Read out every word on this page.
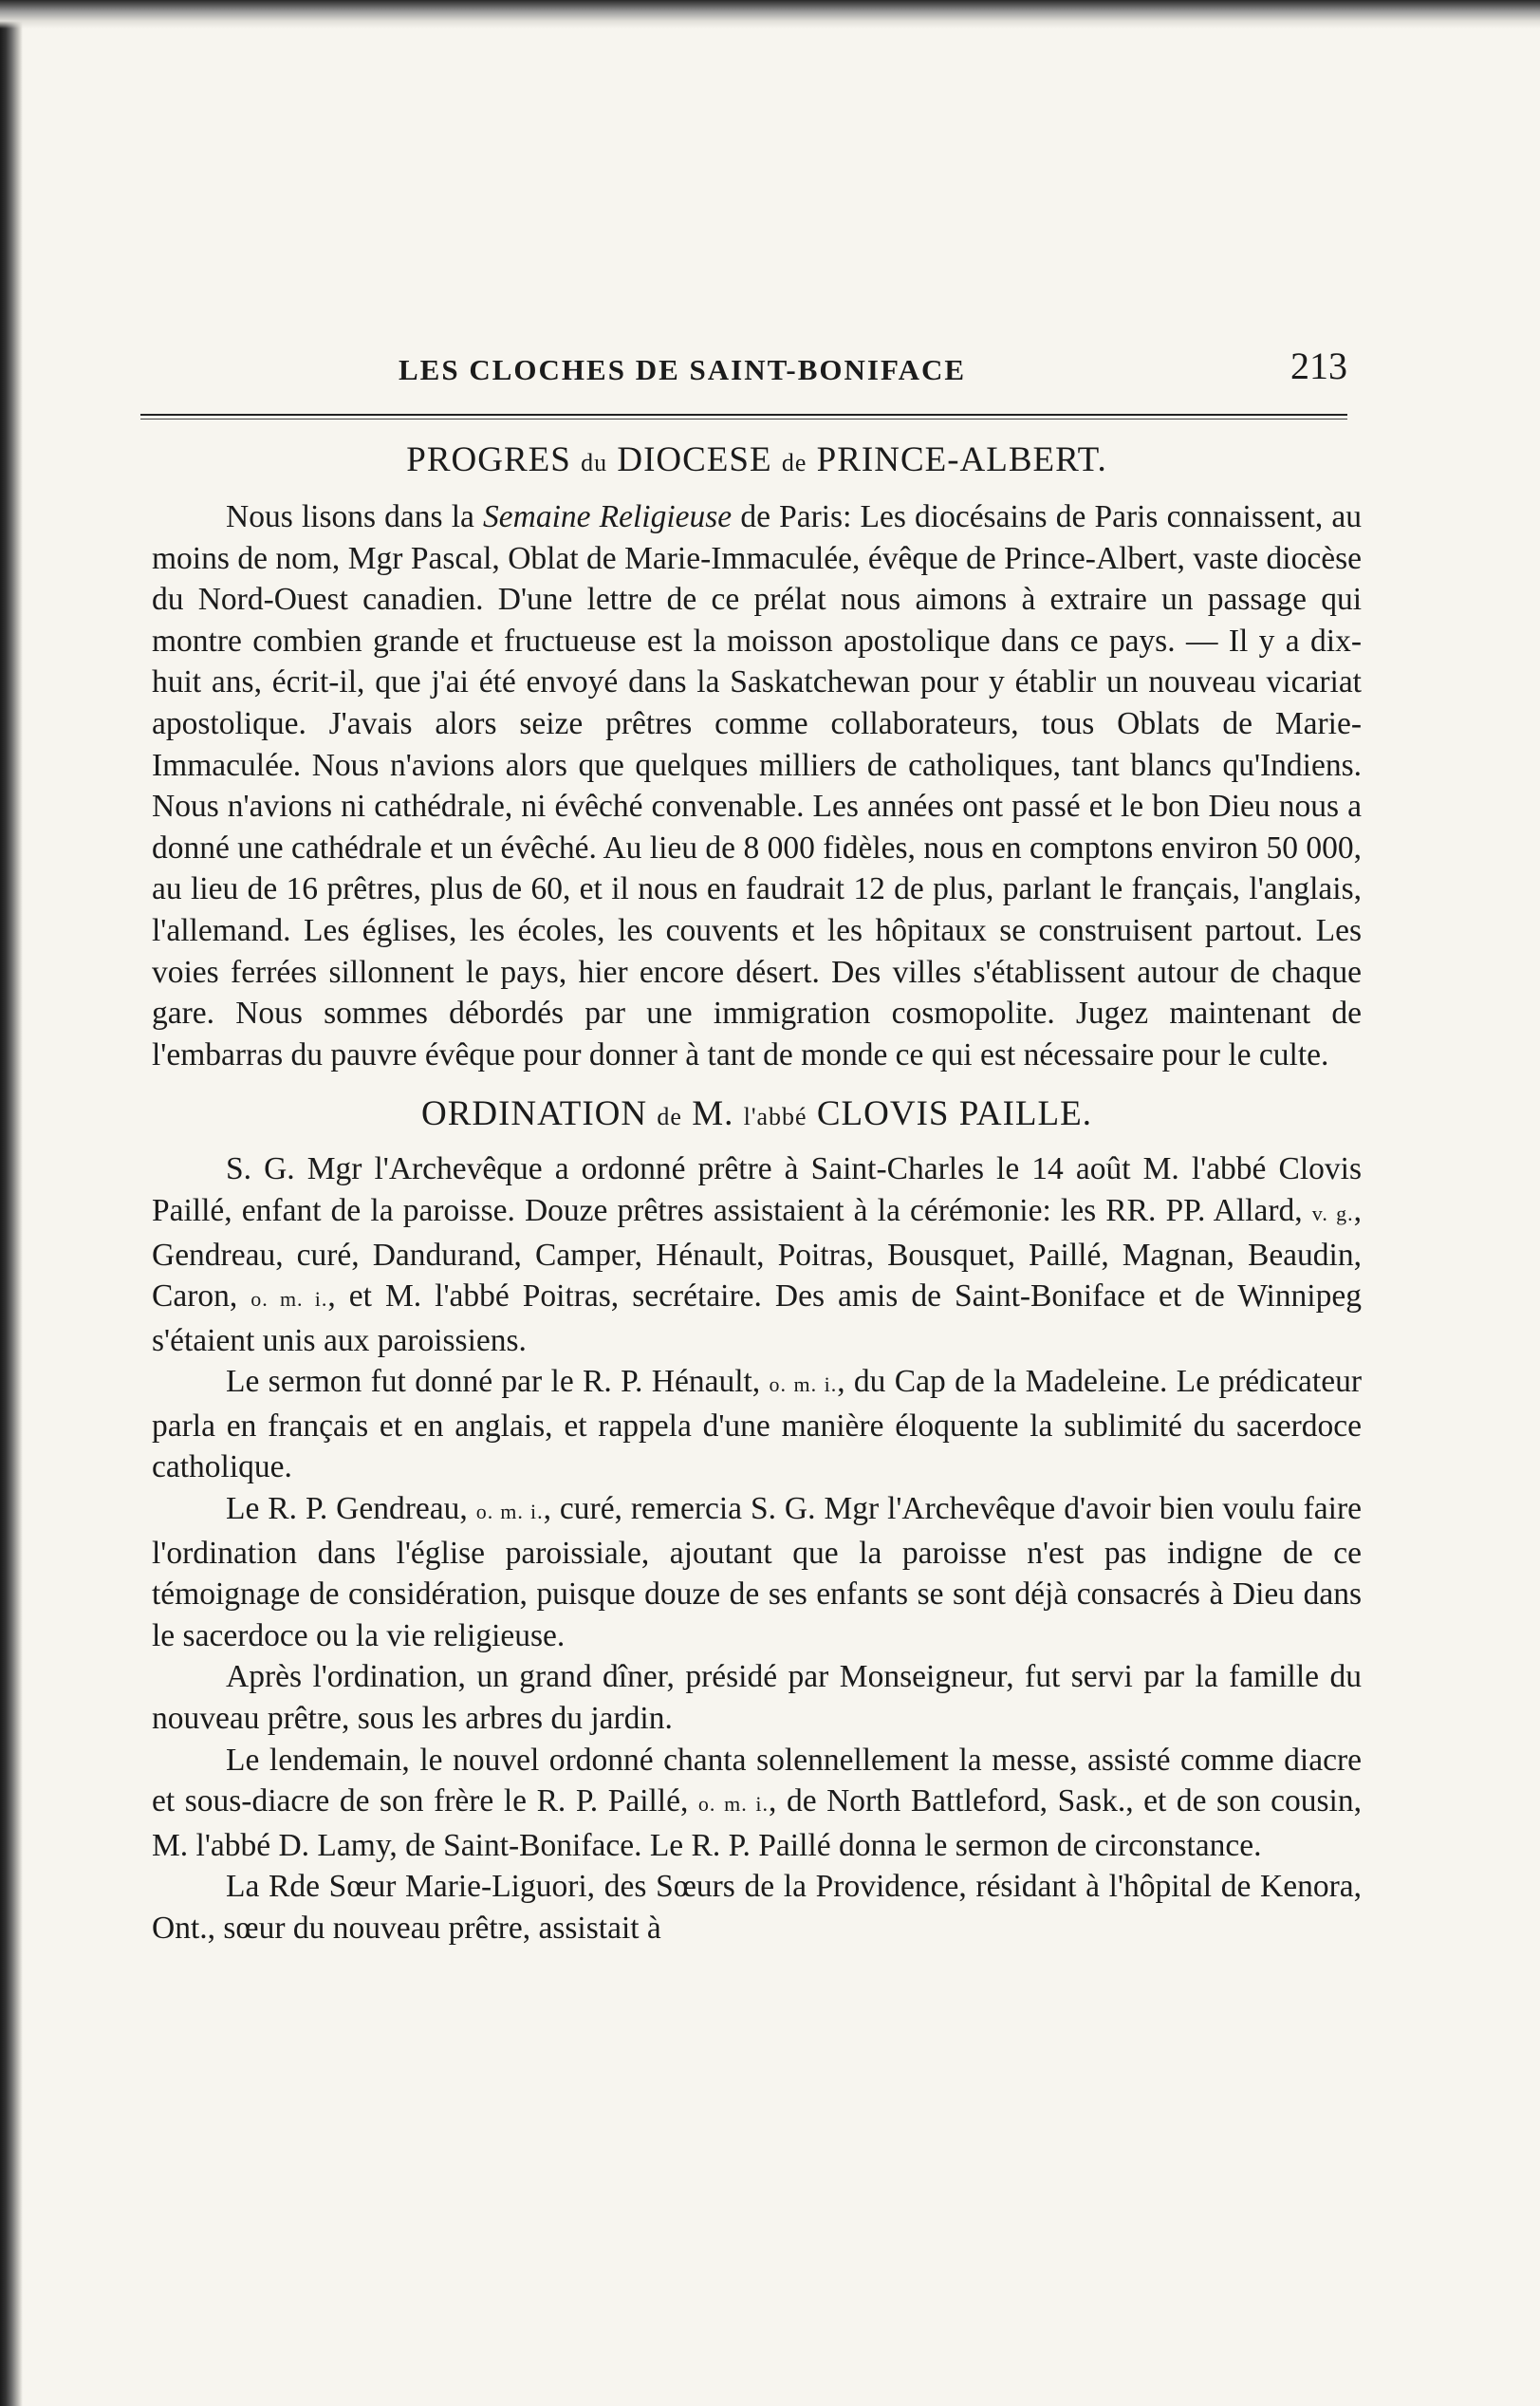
LES CLOCHES DE SAINT-BONIFACE	213
PROGRES du DIOCESE de PRINCE-ALBERT.

Nous lisons dans la Semaine Religieuse de Paris: Les diocésains de Paris connaissent, au moins de nom, Mgr Pascal, Oblat de Marie-Immaculée, évêque de Prince-Albert, vaste diocèse du Nord-Ouest canadien. D'une lettre de ce prélat nous aimons à extraire un passage qui montre combien grande et fructueuse est la moisson apostolique dans ce pays. — Il y a dix-huit ans, écrit-il, que j'ai été envoyé dans la Saskatchewan pour y établir un nouveau vicariat apostolique. J'avais alors seize prêtres comme collaborateurs, tous Oblats de Marie-Immaculée. Nous n'avions alors que quelques milliers de catholiques, tant blancs qu'Indiens. Nous n'avions ni cathédrale, ni évêché convenable. Les années ont passé et le bon Dieu nous a donné une cathédrale et un évêché. Au lieu de 8 000 fidèles, nous en comptons environ 50 000, au lieu de 16 prêtres, plus de 60, et il nous en faudrait 12 de plus, parlant le français, l'anglais, l'allemand. Les églises, les écoles, les couvents et les hôpitaux se construisent partout. Les voies ferrées sillonnent le pays, hier encore désert. Des villes s'établissent autour de chaque gare. Nous sommes débordés par une immigration cosmopolite. Jugez maintenant de l'embarras du pauvre évêque pour donner à tant de monde ce qui est nécessaire pour le culte.

ORDINATION de M. l'abbé CLOVIS PAILLE.

S. G. Mgr l'Archevêque a ordonné prêtre à Saint-Charles le 14 août M. l'abbé Clovis Paillé, enfant de la paroisse. Douze prêtres assistaient à la cérémonie: les RR. PP. Allard, v. g., Gendreau, curé, Dandurand, Camper, Hénault, Poitras, Bousquet, Paillé, Magnan, Beaudin, Caron, o. m. i., et M. l'abbé Poitras, secrétaire. Des amis de Saint-Boniface et de Winnipeg s'étaient unis aux paroissiens.

Le sermon fut donné par le R. P. Hénault, o. m. i., du Cap de la Madeleine. Le prédicateur parla en français et en anglais, et rappela d'une manière éloquente la sublimité du sacerdoce catholique.

Le R. P. Gendreau, o. m. i., curé, remercia S. G. Mgr l'Archevêque d'avoir bien voulu faire l'ordination dans l'église paroissiale, ajoutant que la paroisse n'est pas indigne de ce témoignage de considération, puisque douze de ses enfants se sont déjà consacrés à Dieu dans le sacerdoce ou la vie religieuse.

Après l'ordination, un grand dîner, présidé par Monseigneur, fut servi par la famille du nouveau prêtre, sous les arbres du jardin.

Le lendemain, le nouvel ordonné chanta solennellement la messe, assisté comme diacre et sous-diacre de son frère le R. P. Paillé, o. m. i., de North Battleford, Sask., et de son cousin, M. l'abbé D. Lamy, de Saint-Boniface. Le R. P. Paillé donna le sermon de circonstance.

La Rde Sœur Marie-Liguori, des Sœurs de la Providence, résidant à l'hôpital de Kenora, Ont., sœur du nouveau prêtre, assistait à
